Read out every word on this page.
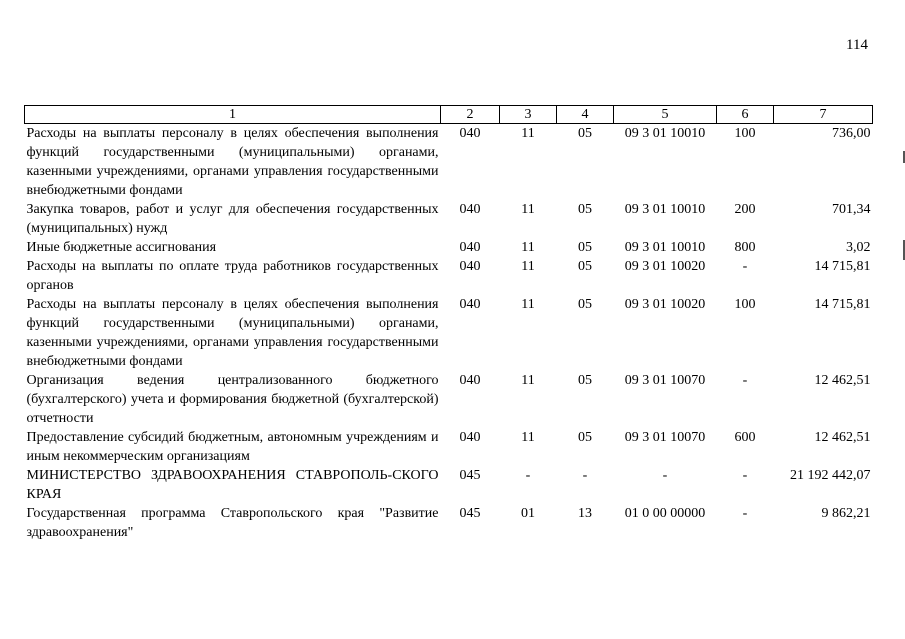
114
1	2	3	4	5	6	7
Расходы на выплаты персоналу в целях обеспечения выполнения функций государственными (муниципальными) органами, казенными учреждениями, органами управления государственными внебюджетными фондами	040	11	05	09 3 01 10010	100	736,00
Закупка товаров, работ и услуг для обеспечения государственных (муниципальных) нужд	040	11	05	09 3 01 10010	200	701,34
Иные бюджетные ассигнования	040	11	05	09 3 01 10010	800	3,02
Расходы на выплаты по оплате труда работников государственных органов	040	11	05	09 3 01 10020	-	14 715,81
Расходы на выплаты персоналу в целях обеспечения выполнения функций государственными (муниципальными) органами, казенными учреждениями, органами управления государственными внебюджетными фондами	040	11	05	09 3 01 10020	100	14 715,81
Организация ведения централизованного бюджетного (бухгалтерского) учета и формирования бюджетной (бухгалтерской) отчетности	040	11	05	09 3 01 10070	-	12 462,51
Предоставление субсидий бюджетным, автономным учреждениям и иным некоммерческим организациям	040	11	05	09 3 01 10070	600	12 462,51
МИНИСТЕРСТВО ЗДРАВООХРАНЕНИЯ СТАВРОПОЛЬ-СКОГО КРАЯ	045	-	-	-	-	21 192 442,07
Государственная программа Ставропольского края "Развитие здравоохранения"	045	01	13	01 0 00 00000	-	9 862,21
